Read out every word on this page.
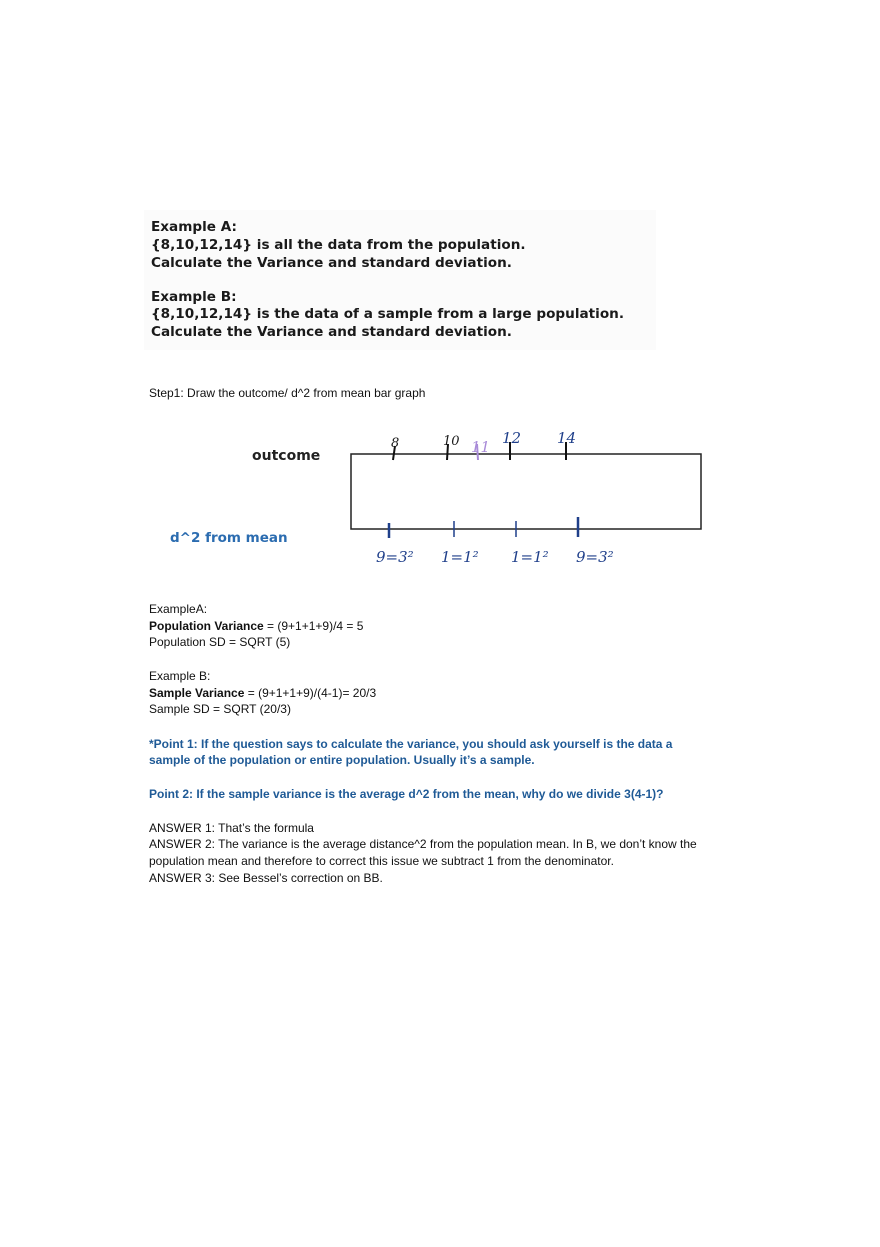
Example A:
{8,10,12,14} is all the data from the population.
Calculate the Variance and standard deviation.
Example B:
{8,10,12,14} is the data of a sample from a large population.
Calculate the Variance and standard deviation.
Step1: Draw the outcome/ d^2 from mean bar graph
outcome
d^2 from mean
8	10 11 12 14
9=3² 1=1² 1=1² 9=3²
ExampleA:
Population Variance = (9+1+1+9)/4 = 5
Population SD = SQRT (5)
Example B:
Sample Variance = (9+1+1+9)/(4-1)= 20/3
Sample SD = SQRT (20/3)
*Point 1: If the question says to calculate the variance, you should ask yourself is the data a
sample of the population or entire population. Usually it’s a sample.
Point 2: If the sample variance is the average d^2 from the mean, why do we divide 3(4-1)?
ANSWER 1: That’s the formula
ANSWER 2: The variance is the average distance^2 from the population mean. In B, we don’t know the
population mean and therefore to correct this issue we subtract 1 from the denominator.
ANSWER 3: See Bessel’s correction on BB.
